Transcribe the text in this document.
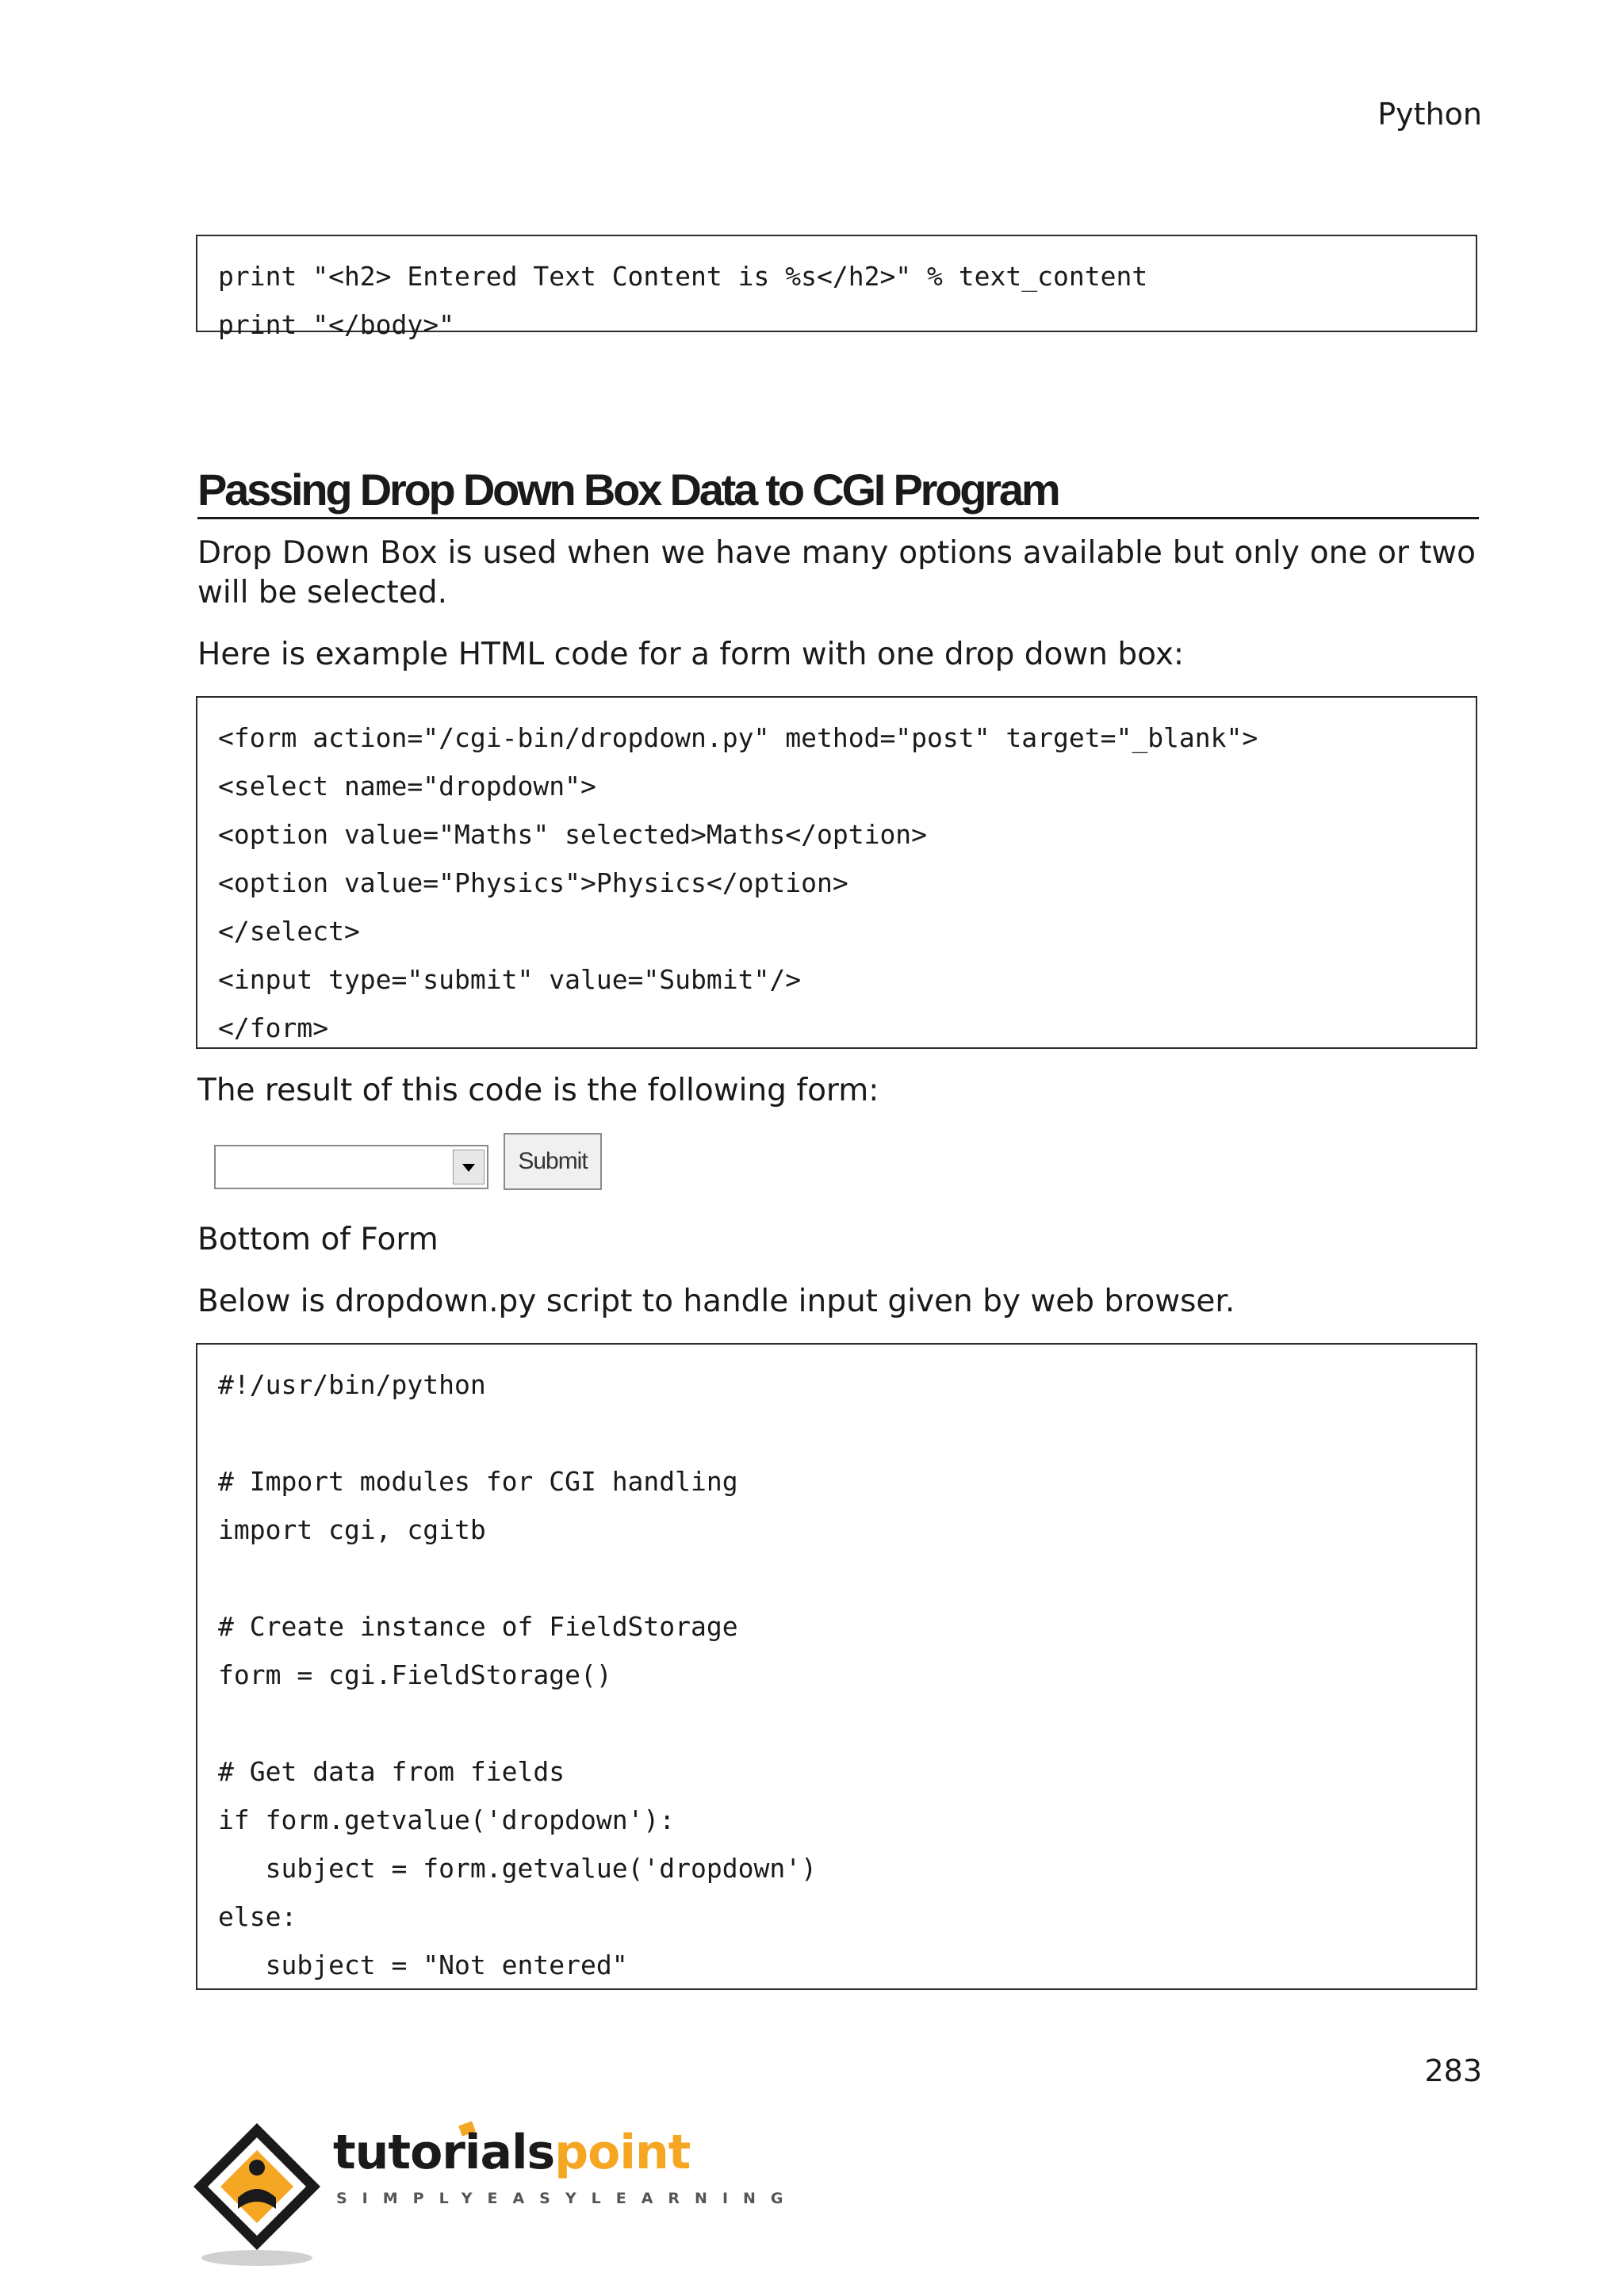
Python
print "<h2> Entered Text Content is %s</h2>" % text_content
print "</body>"
Passing Drop Down Box Data to CGI Program
Drop Down Box is used when we have many options available but only one or two will be selected.
Here is example HTML code for a form with one drop down box:
<form action="/cgi-bin/dropdown.py" method="post" target="_blank">
<select name="dropdown">
<option value="Maths" selected>Maths</option>
<option value="Physics">Physics</option>
</select>
<input type="submit" value="Submit"/>
</form>
The result of this code is the following form:
Submit
Bottom of Form
Below is dropdown.py script to handle input given by web browser.
#!/usr/bin/python
# Import modules for CGI handling
import cgi, cgitb
# Create instance of FieldStorage
form = cgi.FieldStorage()
# Get data from fields
if form.getvalue('dropdown'):
subject = form.getvalue('dropdown')
else:
subject = "Not entered"
283
tutorialspoint
SIMPLYEASYLEARNING
